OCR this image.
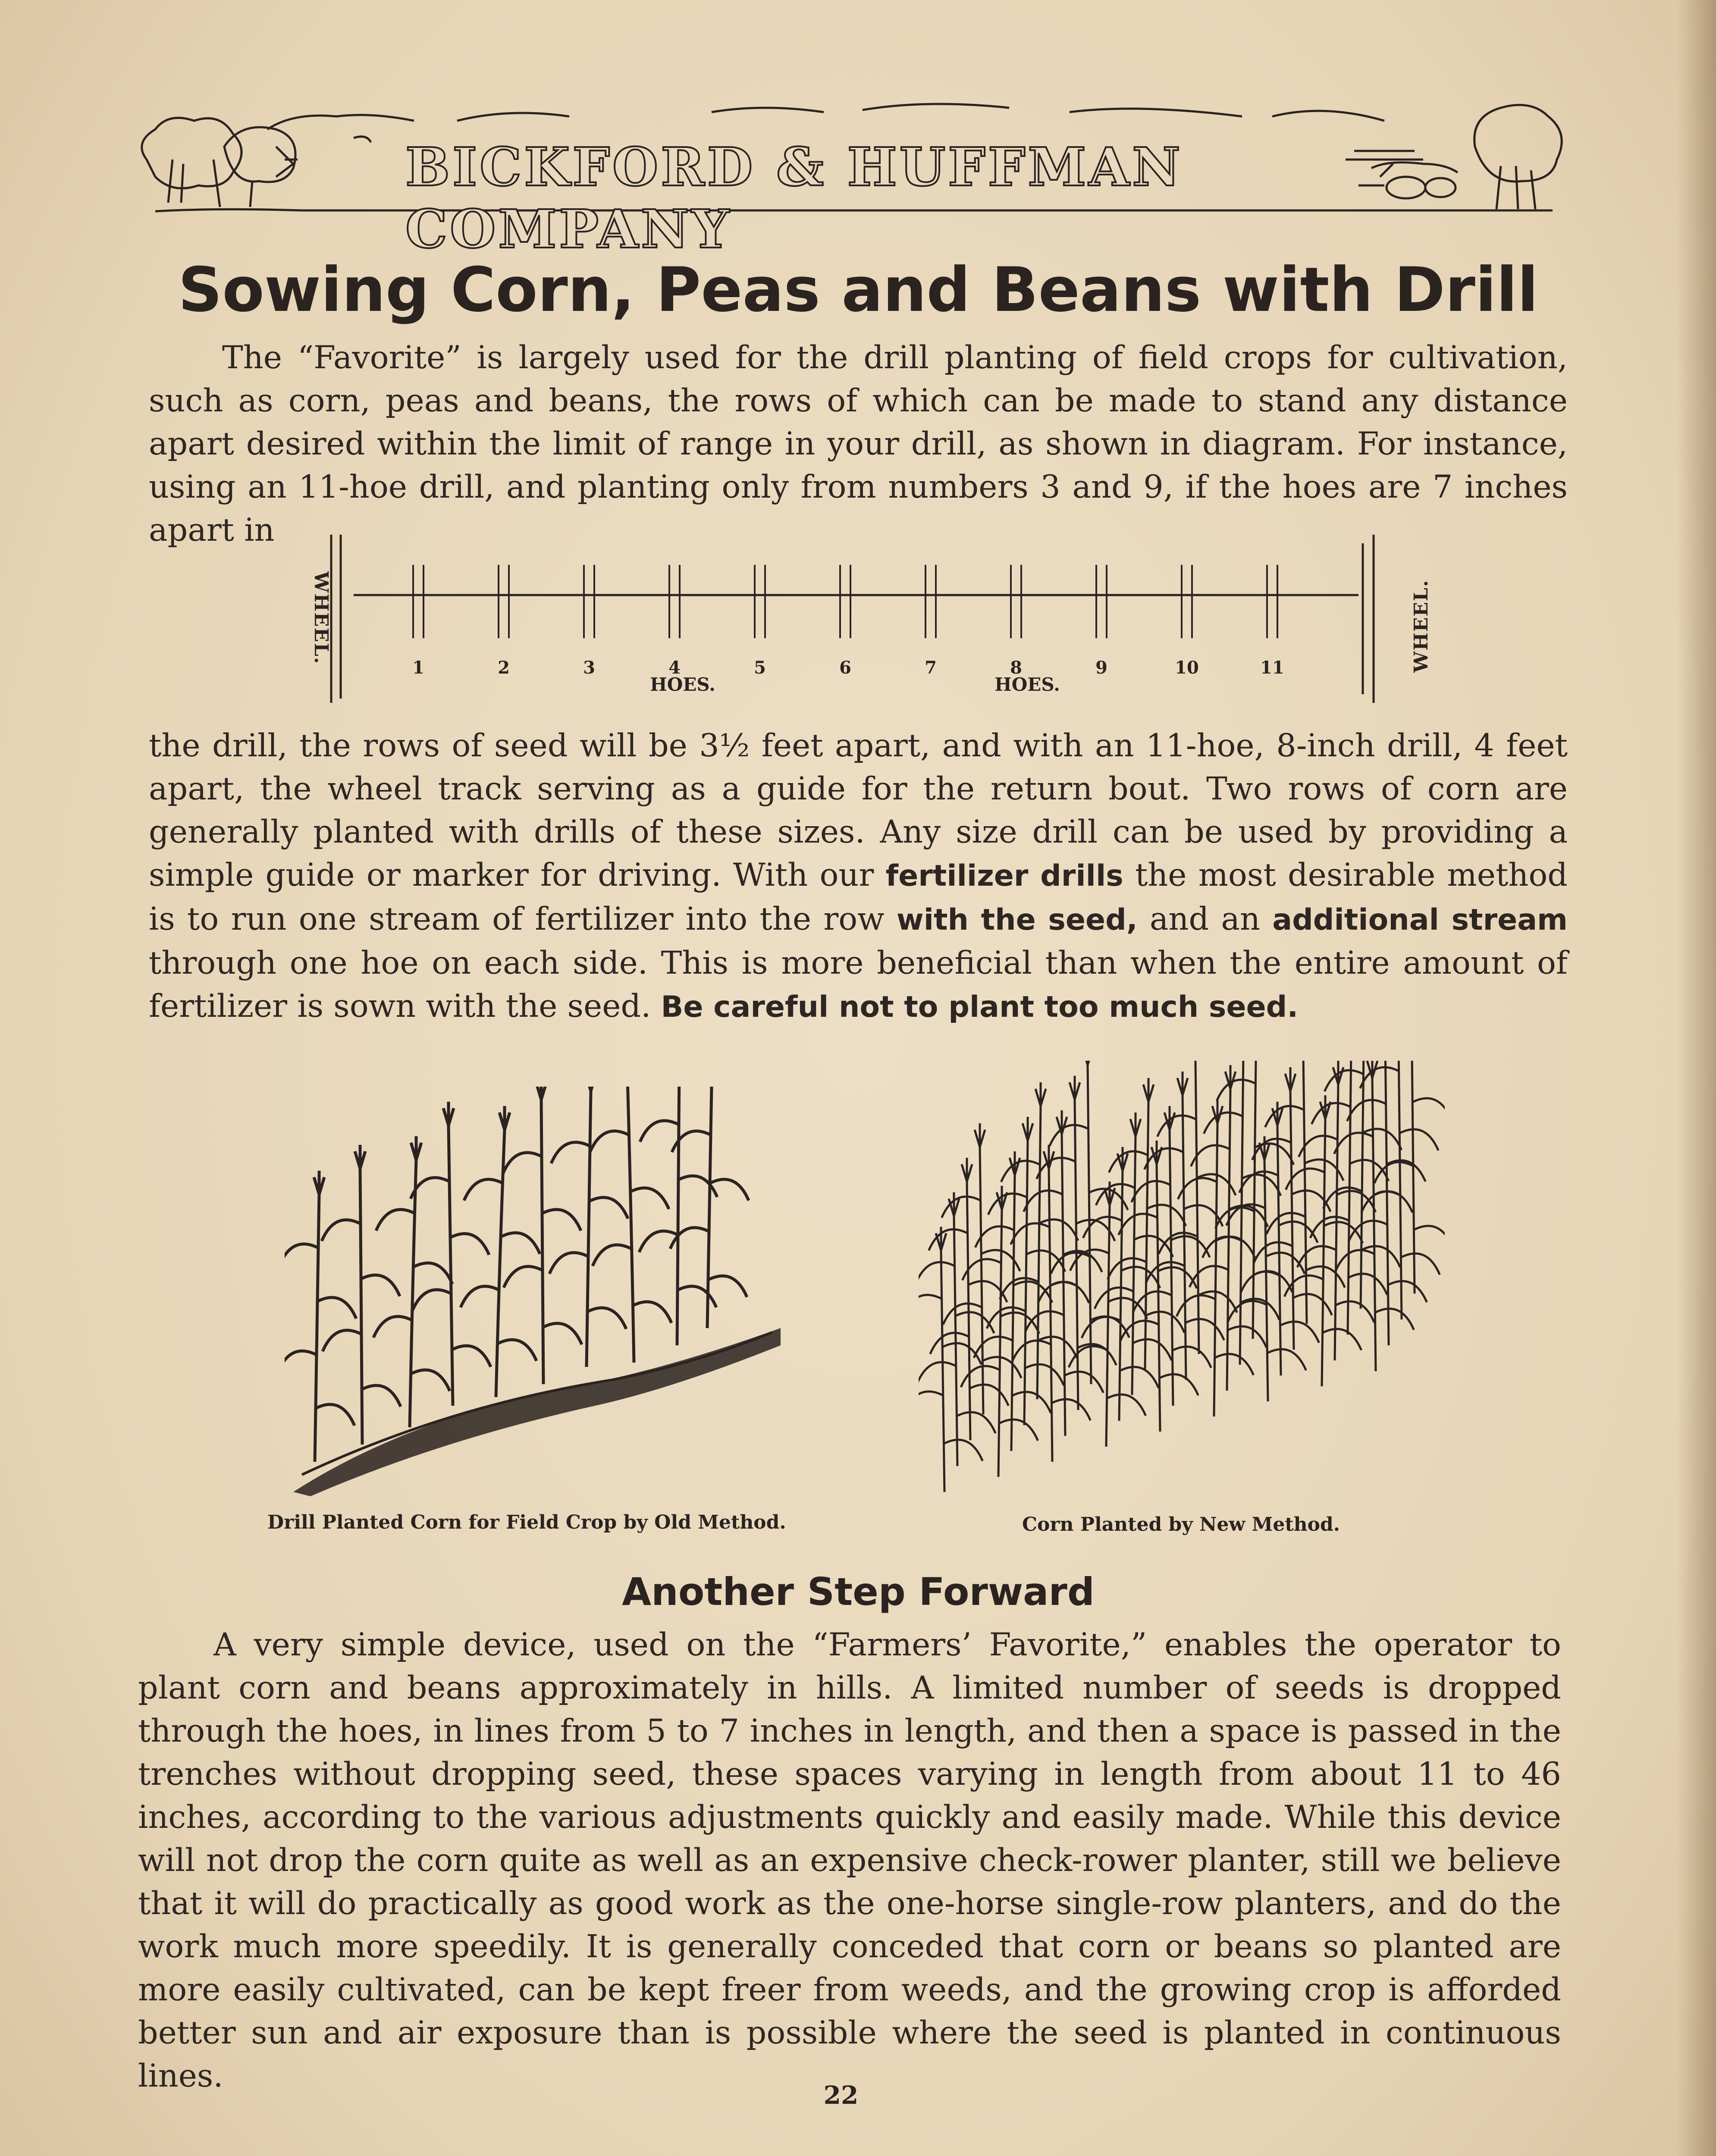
BICKFORD & HUFFMAN COMPANY
Sowing Corn, Peas and Beans with Drill
The “Favorite” is largely used for the drill planting of field crops for cultivation, such as corn, peas and beans, the rows of which can be made to stand any distance apart desired within the limit of range in your drill, as shown in diagram. For instance, using an 11-hoe drill, and planting only from numbers 3 and 9, if the hoes are 7 inches apart in
WHEEL.	WHEEL.
1	2	3	4	5	6	7	8	9	10	11
HOES.	HOES.
the drill, the rows of seed will be 3½ feet apart, and with an 11-hoe, 8-inch drill, 4 feet apart, the wheel track serving as a guide for the return bout. Two rows of corn are generally planted with drills of these sizes. Any size drill can be used by providing a simple guide or marker for driving. With our fertilizer drills the most desirable method is to run one stream of fertilizer into the row with the seed, and an additional stream through one hoe on each side. This is more beneficial than when the entire amount of fertilizer is sown with the seed. Be careful not to plant too much seed.
Drill Planted Corn for Field Crop by Old Method.	Corn Planted by New Method.
Another Step Forward
A very simple device, used on the “Farmers’ Favorite,” enables the operator to plant corn and beans approximately in hills. A limited number of seeds is dropped through the hoes, in lines from 5 to 7 inches in length, and then a space is passed in the trenches without dropping seed, these spaces varying in length from about 11 to 46 inches, according to the various adjustments quickly and easily made. While this device will not drop the corn quite as well as an expensive check-rower planter, still we believe that it will do practically as good work as the one-horse single-row planters, and do the work much more speedily. It is generally conceded that corn or beans so planted are more easily cultivated, can be kept freer from weeds, and the growing crop is afforded better sun and air exposure than is possible where the seed is planted in continuous lines.
22
